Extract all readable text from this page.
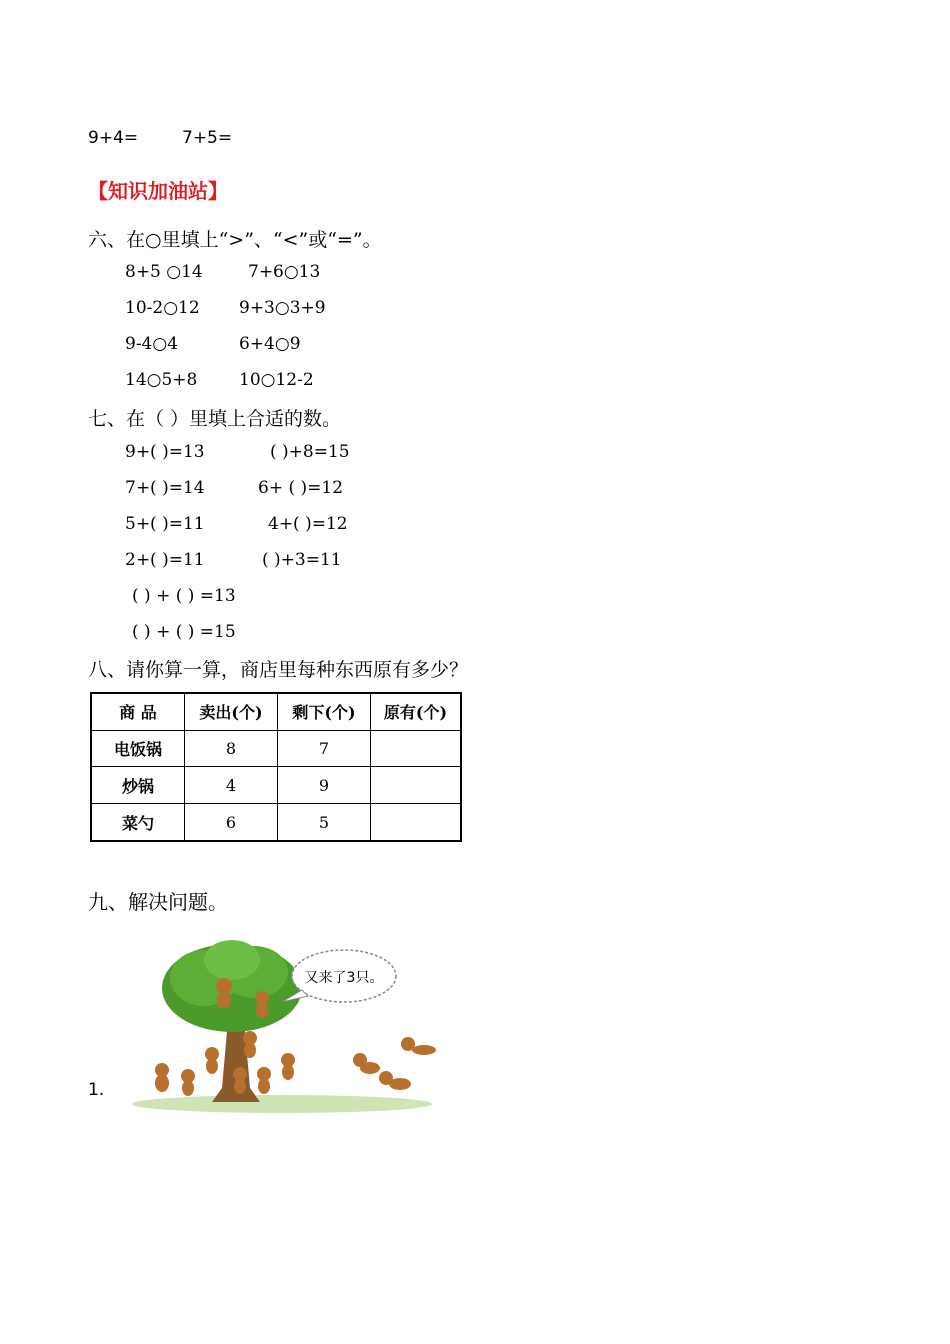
9+4=	7+5=
【知识加油站】
六、在○里填上“>”、“<”或“=”。
8+5 ○14	7+6○13
10-2○12 9+3○3+9
9-4○4	6+4○9
14○5+8 10○12-2
七、在（ ）里填上合适的数。
9+( )=13	( )+8=15
7+( )=14	6+ ( )=12
5+( )=11	4+( )=12
2+( )=11	( )+3=11
( ) + ( ) =13
( ) + ( ) =15
八、请你算一算，商店里每种东西原有多少？
商 品	卖出(个)	剩下(个)	原有(个)
电饭锅	8	7	
炒锅	4	9	
菜勺	6	5	
九、解决问题。
1.
又来了3只。
